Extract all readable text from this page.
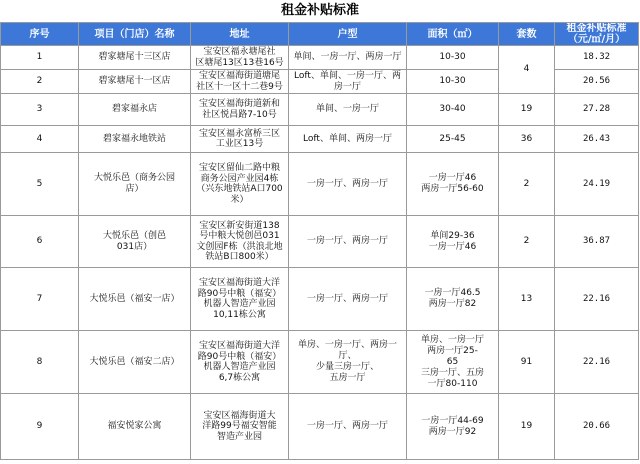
租金补贴标准
序号	项目（门店）名称	地址	户型	面积（㎡）	套数	租金补贴标准
（元/㎡/月）
1	碧家塘尾十三区店	宝安区福永塘尾社
区塘尾13区13巷16号	单间、一房一厅、两房一厅	10-30	4	18.32
2	碧家塘尾十一区店	宝安区福海街道塘尾
社区十一区十二巷9号	Loft、单间、一房一厅、两
房一厅	10-30		20.56
3	碧家福永店	宝安区福海街道新和
社区悦昌路7-10号	单间、一房一厅	30-40	19	27.28
4	碧家福永地铁站	宝安区福永富桥三区
工业区13号	Loft、单间、两房一厅	25-45	36	26.43
5	大悦乐邑（商务公园
店）	宝安区留仙二路中粮
商务公园产业园4栋
（兴东地铁站A口700
米）	一房一厅、两房一厅	一房一厅46
两房一厅56-60	2	24.19
6	大悦乐邑（创邑
031店）	宝安区新安街道138
号中粮大悦创邑031
文创园F栋（洪浪北地
铁站B口800米）	一房一厅、两房一厅	单间29-36
一房一厅46	2	36.87
7	大悦乐邑（福安一店）	宝安区福海街道大洋
路90号中粮（福安）
机器人智造产业园
10,11栋公寓	一房一厅、两房一厅	一房一厅46.5
两房一厅82	13	22.16
8	大悦乐邑（福安二店）	宝安区福海街道大洋
路90号中粮（福安）
机器人智造产业园
6,7栋公寓	单房、一房一厅、两房一厅、
少量三房一厅、
五房一厅	单房、一房一厅
两房一厅25-
65
三房一厅、五房
一厅80-110	91	22.16
9	福安悦家公寓	宝安区福海街道大
洋路99号福安智能
智造产业园	一房一厅、两房一厅	一房一厅44-69
两房一厅92	19	20.66
